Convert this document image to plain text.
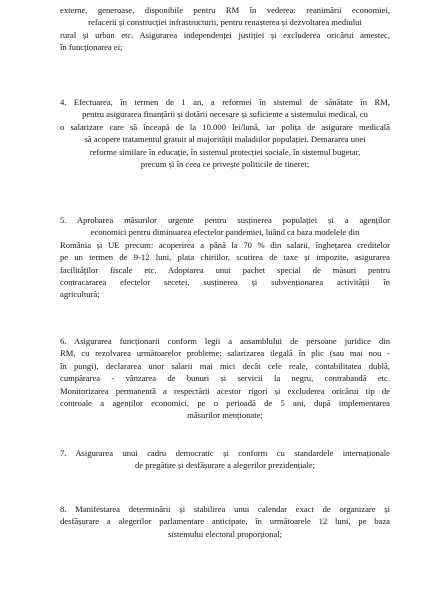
externe, generoase, disponibile pentru RM în vederea: reanimării economiei,
refacerii și construcției infrastructurii, pentru renașterea și dezvoltarea mediului
rural și urban etc. Asigurarea independenței justiției și excluderea oricărui amestec,
în funcționarea ei;
4. Efectuarea, în termen de 1 an, a reformei în sistemul de sănătate în RM,
pentru asigurarea finanțării și dotării necesare și suficiente a sistemului medical, cu
o salarizare care să înceapă de la 10.000 lei/lună, iar polița de asigurare medicală
să acopere tratamentul gratuit al majorității maladiilor populației. Demararea unei
reforme similare în educație, în sistemul protecției sociale, în sistemul bugetar,
precum și în ceea ce privește politicile de tineret;
5. Aprobarea măsurilor urgente pentru susținerea populației și a agenților
economici pentru diminuarea efectelor pandemiei, luând ca baza modelele din
România și UE precum: acoperirea a până la 70 % din salarii, înghețarea creditelor
pe un termen de 9-12 luni, plata chiriilor, scutirea de taxe și impozite, asigurarea
facilităților fiscale etc. Adoptarea unui pachet special de măsuri pentru
contracararea efectelor secetei, susținerea și subvenționarea activității în
agricultură;
6. Asigurarea funcționarii conform legii a ansamblului de persoane juridice din
RM, cu rezolvarea următoarelor probleme: salarizarea ilegală în plic (sau mai nou -
în pungi), declararea unor salarii mai mici decât cele reale, contabilitatea dublă,
cumpărarea - vânzarea de bunuri și servicii la negru, contrabandă etc.
Monitorizarea permanentă a respectării acestor rigori și excluderea oricărui tip de
controale a agenților economici, pe o perioadă de 5 ani, după implementarea
măsurilor menționate;
7. Asigurarea unui cadru democratic și conform cu standardele internaționale
de pregătire și desfășurare a alegerilor prezidențiale;
8. Manifestarea determinării și stabilirea unui calendar exact de organizare și
desfășurare a alegerilor parlamentare anticipate, în următoarele 12 luni, pe baza
sistemului electoral proporțional;
